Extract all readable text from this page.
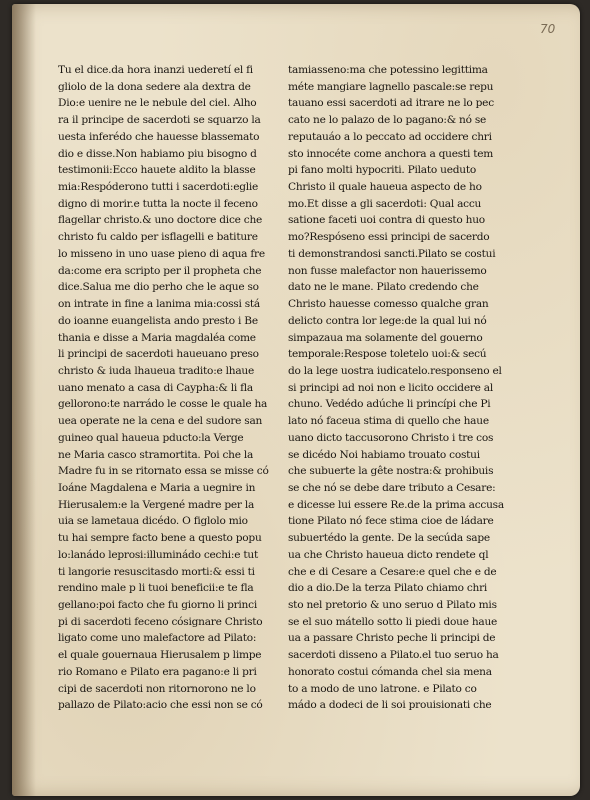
70
Tu el dice.da hora inanzi uederetí el fi
gliolo de la dona sedere ala dextra de
Dio:e uenire ne le nebule del ciel. Alho
ra il principe de sacerdoti se squarzo la
uesta inferédo che hauesse blassemato
dio e disse.Non habiamo piu bisogno d
testimonii:Ecco hauete aldito la blasse
mia:Respóderono tutti i sacerdoti:eglie
digno di morir.e tutta la nocte il feceno
flagellar christo.& uno doctore dice che
christo fu caldo per isflagelli e batiture
lo misseno in uno uase pieno di aqua fre
da:come era scripto per il propheta che
dice.Salua me dio perho che le aque so
on intrate in fine a lanima mia:cossi stá
do ioanne euangelista ando presto i Be
thania e disse a Maria magdaléa come
li principi de sacerdoti haueuano preso
christo & iuda lhaueua tradito:e lhaue
uano menato a casa di Caypha:& li fla
gellorono:te narrádo le cosse le quale ha
uea operate ne la cena e del sudore san
guineo qual haueua pducto:la Verge
ne Maria casco stramortita. Poi che la
Madre fu in se ritornato essa se misse có
Ioáne Magdalena e Maria a uegnire in
Hierusalem:e la Vergené madre per la
uia se lametaua dicédo. O figlolo mio
tu hai sempre facto bene a questo popu
lo:lanádo leprosi:illuminádo cechi:e tut
ti langorie resuscitasdo morti:& essi ti
rendino male p li tuoi beneficii:e te fla
gellano:poi facto che fu giorno li princi
pi di sacerdoti feceno cósignare Christo
ligato come uno malefactore ad Pilato:
el quale gouernaua Hierusalem p limpe
rio Romano e Pilato era pagano:e li pri
cipi de sacerdoti non ritornorono ne lo
pallazo de Pilato:acio che essi non se có
tamiasseno:ma che potessino legittima
méte mangiare lagnello pascale:se repu
tauano essi sacerdoti ad itrare ne lo pec
cato ne lo palazo de lo pagano:& nó se
reputauáo a lo peccato ad occidere chri
sto innocéte come anchora a questi tem
pi fano molti hypocriti. Pilato ueduto
Christo il quale haueua aspecto de ho
mo.Et disse a gli sacerdoti: Qual accu
satione faceti uoi contra di questo huo
mo?Respóseno essi principi de sacerdo
ti demonstrandosi sancti.Pilato se costui
non fusse malefactor non hauerissemo
dato ne le mane. Pilato credendo che
Christo hauesse comesso qualche gran
delicto contra lor lege:de la qual lui nó
simpazaua ma solamente del gouerno
temporale:Respose toletelo uoi:& secú
do la lege uostra iudicatelo.responseno el
si principi ad noi non e licito occidere al
chuno. Vedédo adúche li princípi che Pi
lato nó faceua stima di quello che haue
uano dicto taccusorono Christo i tre cos
se dicédo Noi habiamo trouato costui
che subuerte la gête nostra:& prohibuis
se che nó se debe dare tributo a Cesare:
e dicesse lui essere Re.de la prima accusa
tione Pilato nó fece stima cioe de ládare
subuertédo la gente. De la secúda sape
ua che Christo haueua dicto rendete ql
che e di Cesare a Cesare:e quel che e de
dio a dio.De la terza Pilato chiamo chri
sto nel pretorio & uno seruo d Pilato mis
se el suo mátello sotto li piedi doue haue
ua a passare Christo peche li principi de
sacerdoti disseno a Pilato.el tuo seruo ha
honorato costui cómanda chel sia mena
to a modo de uno latrone. e Pilato co
mádo a dodeci de li soi prouisionati che
